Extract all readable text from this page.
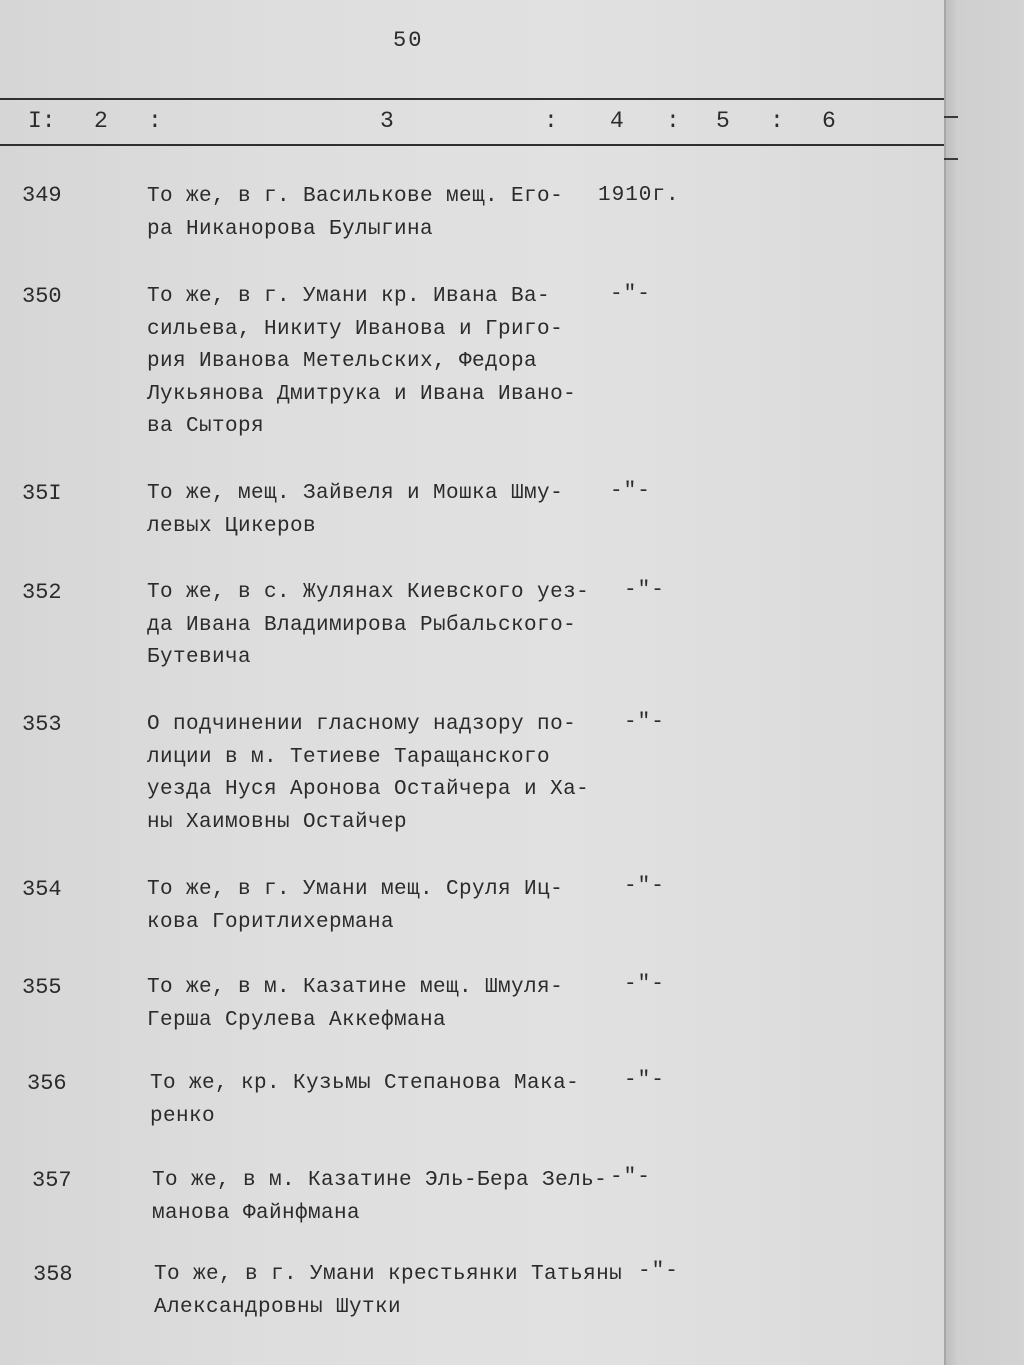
50
I: 2 :	3	: 4 : 5 : 6
349	То же, в г. Василькове мещ. Его-
ра Никанорова Булыгина
1910г.
350	То же, в г. Умани кр. Ивана Ва-
сильева, Никиту Иванова и Григо-
рия Иванова Метельских, Федора
Лукьянова Дмитрука и Ивана Ивано-
ва Сыторя
-"-
35I	То же, мещ. Зайвеля и Мошка Шму-
левых Цикеров
-"-
352	То же, в с. Жулянах Киевского уез-
да Ивана Владимирова Рыбальского-
Бутевича
-"-
353	О подчинении гласному надзору по-
лиции в м. Тетиеве Таращанского
уезда Нуся Аронова Остайчера и Ха-
ны Хаимовны Остайчер
-"-
354	То же, в г. Умани мещ. Сруля Иц-
кова Горитлихермана
-"-
355	То же, в м. Казатине мещ. Шмуля-
Герша Срулева Аккефмана
-"-
356	То же, кр. Кузьмы Степанова Мака-
ренко
-"-
357	То же, в м. Казатине Эль-Бера Зель-
манова Файнфмана
-"-
358	То же, в г. Умани крестьянки Татьяны
Александровны Шутки
-"-
